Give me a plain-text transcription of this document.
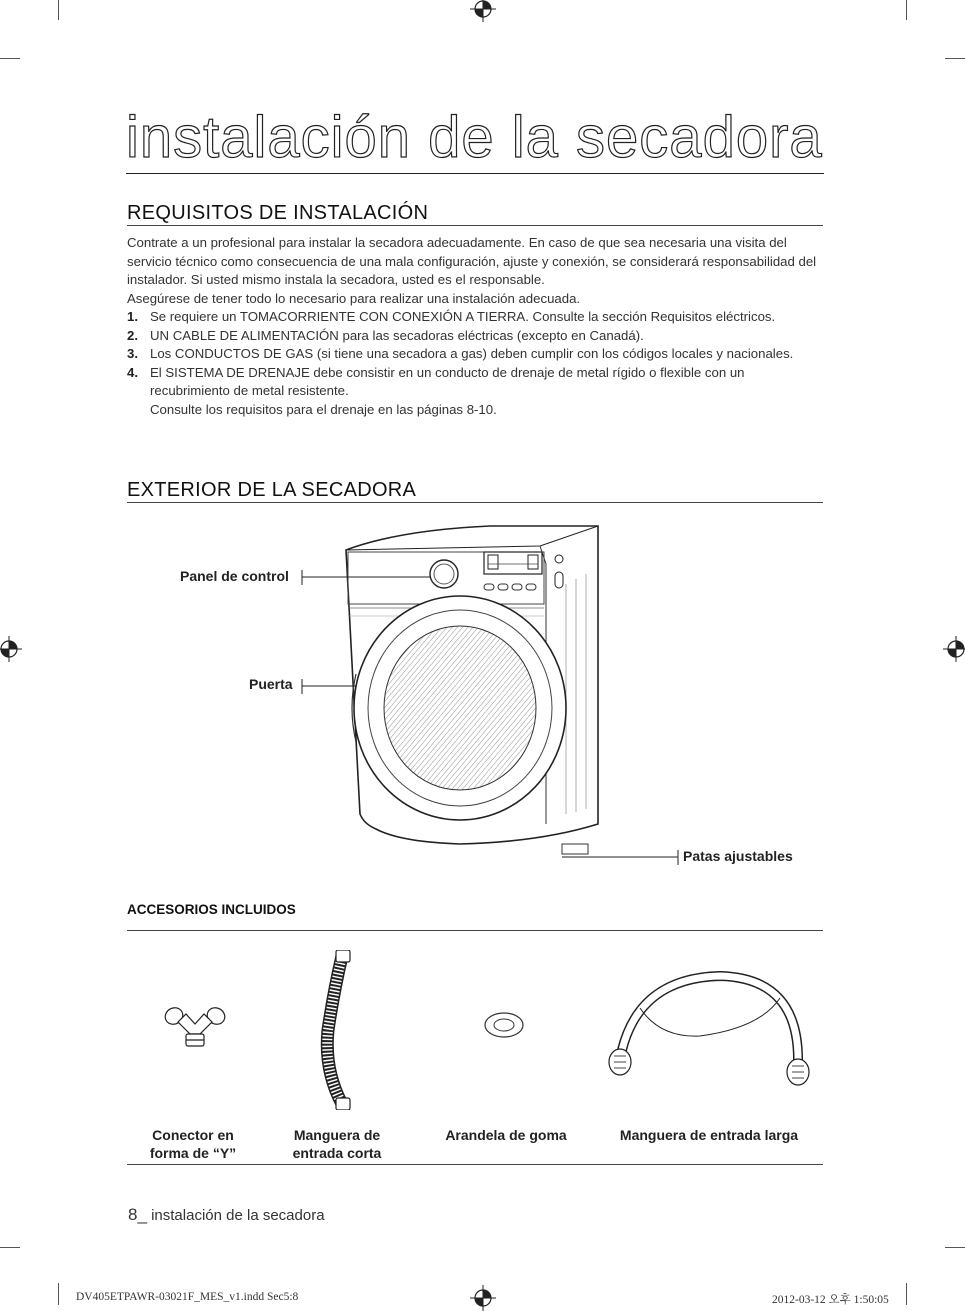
instalación de la secadora
REQUISITOS DE INSTALACIÓN

Contrate a un profesional para instalar la secadora adecuadamente. En caso de que sea necesaria una visita del servicio técnico como consecuencia de una mala configuración, ajuste y conexión, se considerará responsabilidad del instalador. Si usted mismo instala la secadora, usted es el responsable.

Asegúrese de tener todo lo necesario para realizar una instalación adecuada.

1. Se requiere un TOMACORRIENTE CON CONEXIÓN A TIERRA. Consulte la sección Requisitos eléctricos.
2. UN CABLE DE ALIMENTACIÓN para las secadoras eléctricas (excepto en Canadá).
3. Los CONDUCTOS DE GAS (si tiene una secadora a gas) deben cumplir con los códigos locales y nacionales.
4. El SISTEMA DE DRENAJE debe consistir en un conducto de drenaje de metal rígido o flexible con un recubrimiento de metal resistente.
Consulte los requisitos para el drenaje en las páginas 8-10.
EXTERIOR DE LA SECADORA
Panel de control
Puerta
Patas ajustables
ACCESORIOS INCLUIDOS
Conector en
forma de “Y”
Manguera de
entrada corta
Arandela de goma	Manguera de entrada larga
8_ instalación de la secadora
DV405ETPAWR-03021F_MES_v1.indd Sec5:8	2012-03-12 오후 1:50:05
